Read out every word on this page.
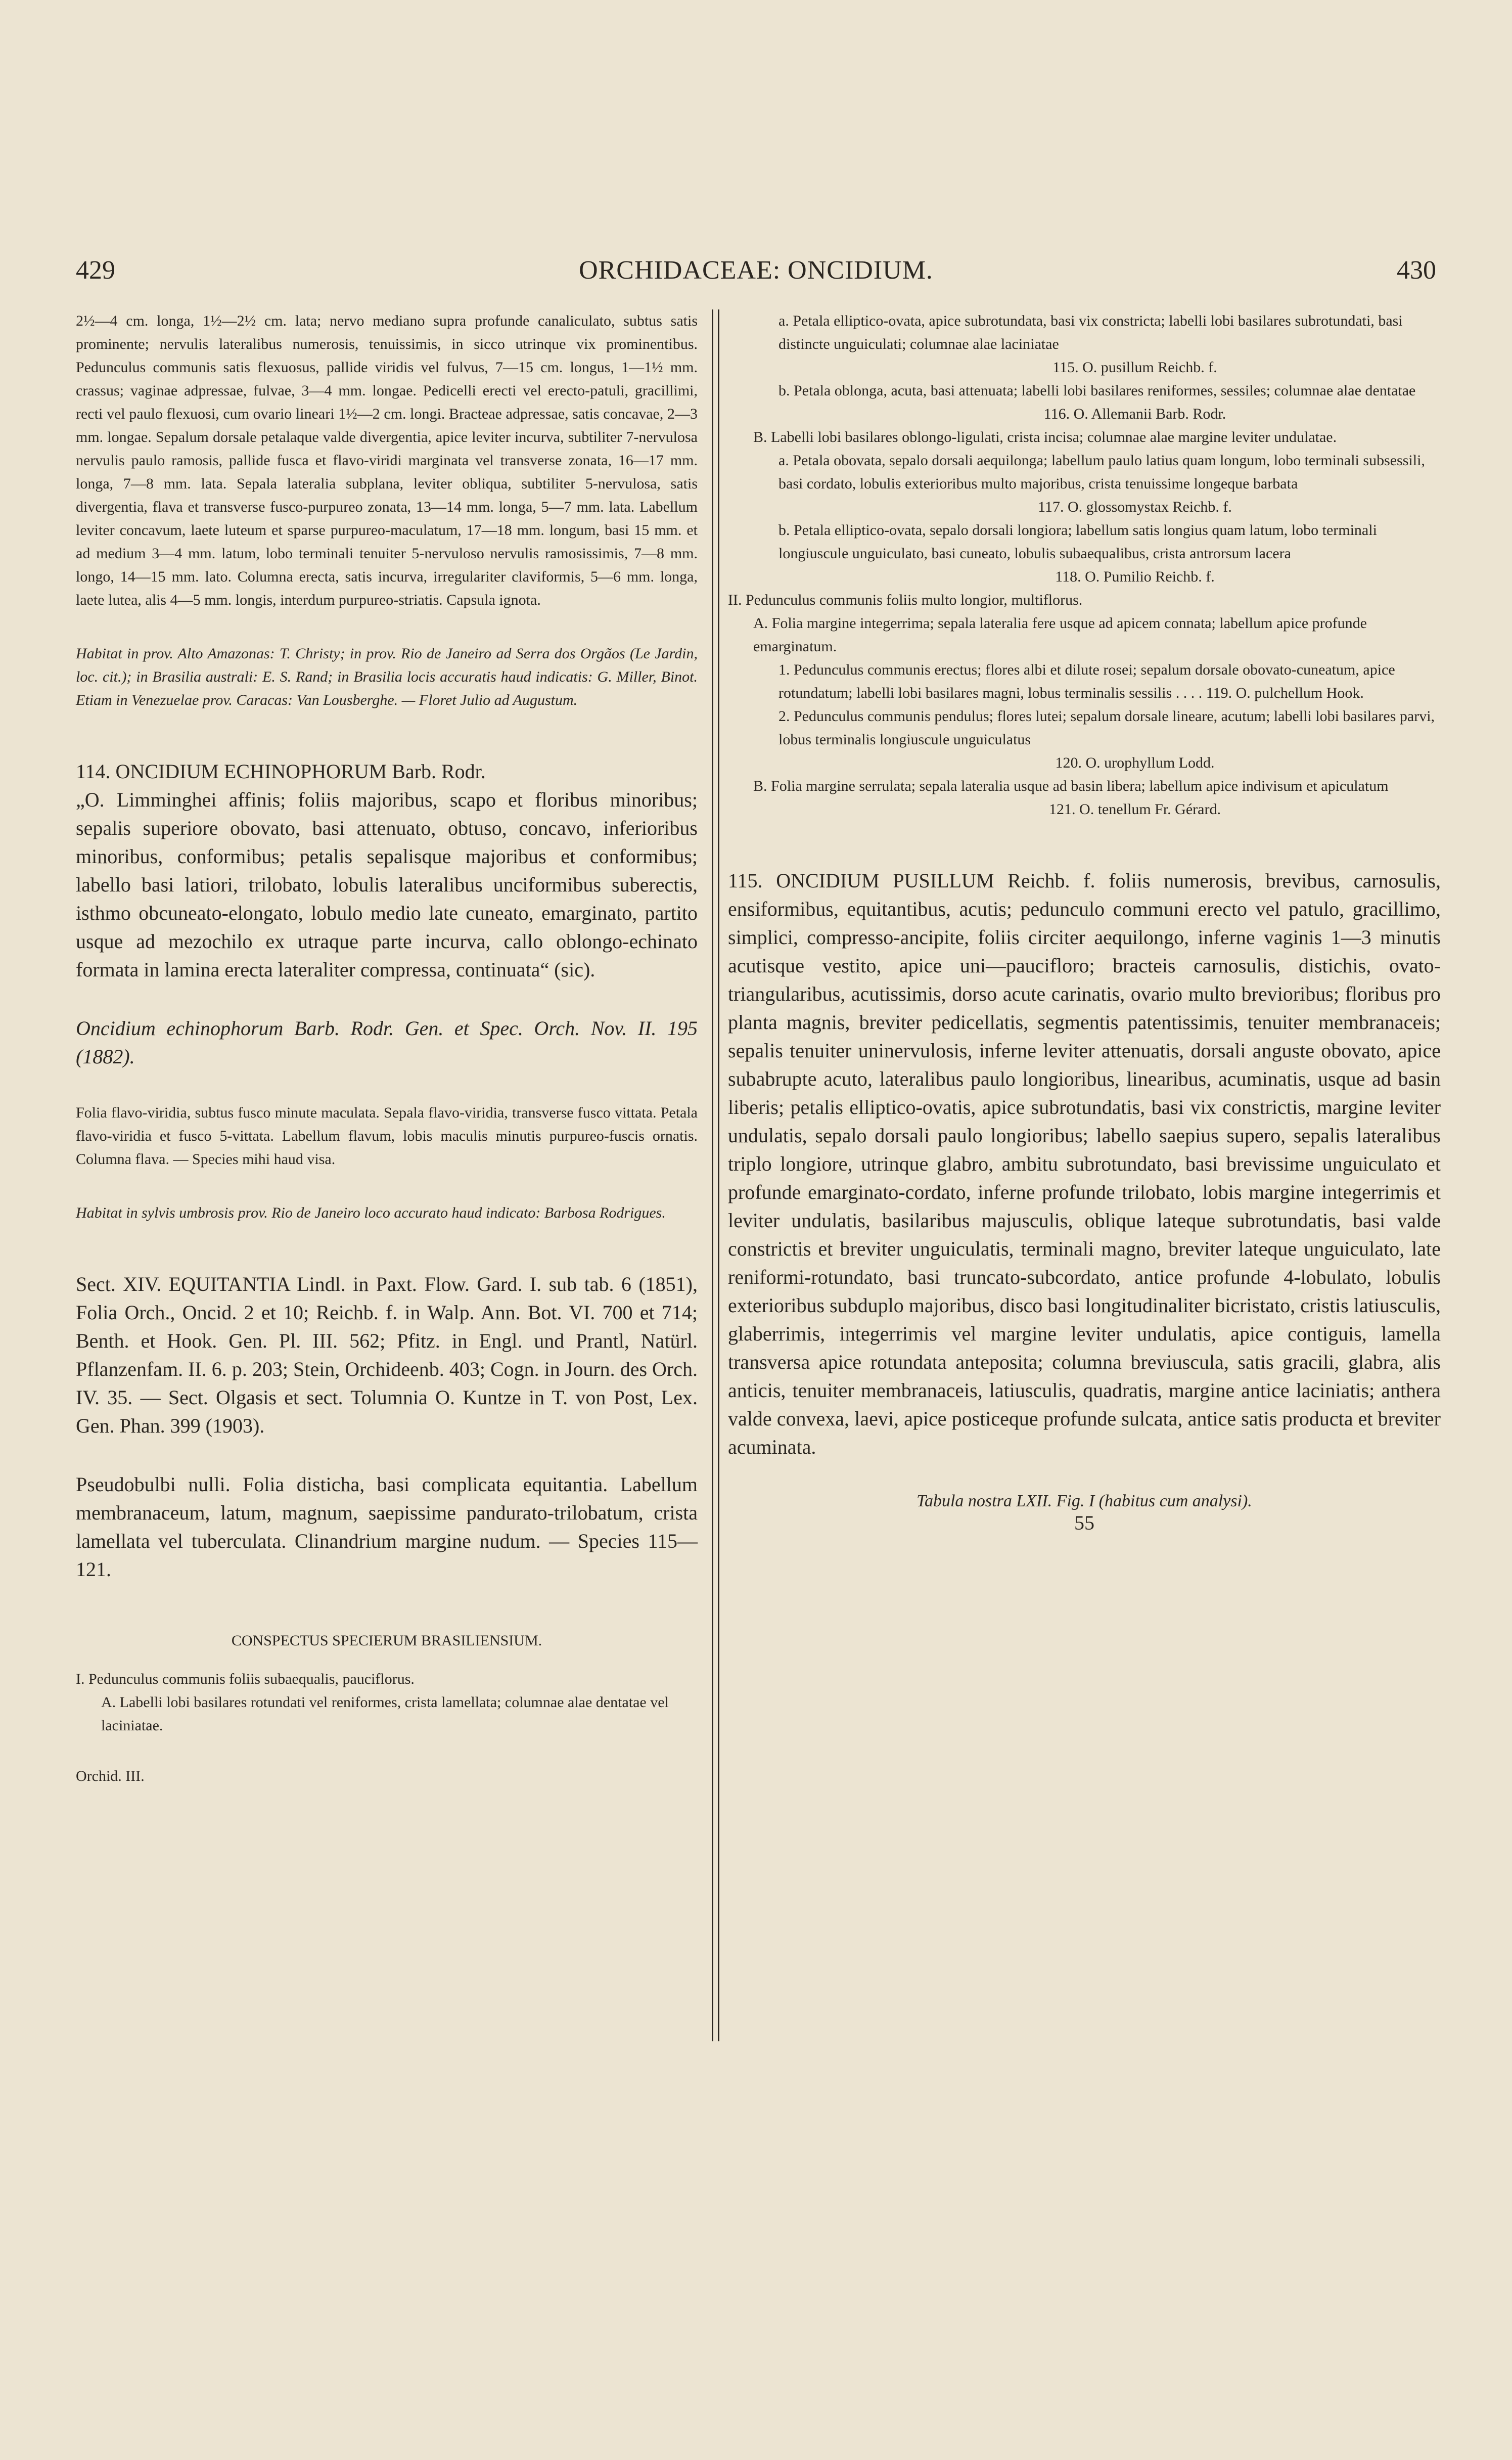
429	ORCHIDACEAE: ONCIDIUM.	430

2½—4 cm. longa, 1½—2½ cm. lata; nervo mediano supra profunde canaliculato, subtus satis prominente; nervulis lateralibus numerosis, tenuissimis, in sicco utrinque vix prominentibus. Pedunculus communis satis flexuosus, pallide viridis vel fulvus, 7—15 cm. longus, 1—1½ mm. crassus; vaginae adpressae, fulvae, 3—4 mm. longae. Pedicelli erecti vel erecto-patuli, gracillimi, recti vel paulo flexuosi, cum ovario lineari 1½—2 cm. longi. Bracteae adpressae, satis concavae, 2—3 mm. longae. Sepalum dorsale petalaque valde divergentia, apice leviter incurva, subtiliter 7-nervulosa nervulis paulo ramosis, pallide fusca et flavo-viridi marginata vel transverse zonata, 16—17 mm. longa, 7—8 mm. lata. Sepala lateralia subplana, leviter obliqua, subtiliter 5-nervulosa, satis divergentia, flava et transverse fusco-purpureo zonata, 13—14 mm. longa, 5—7 mm. lata. Labellum leviter concavum, laete luteum et sparse purpureo-maculatum, 17—18 mm. longum, basi 15 mm. et ad medium 3—4 mm. latum, lobo terminali tenuiter 5-nervuloso nervulis ramosissimis, 7—8 mm. longo, 14—15 mm. lato. Columna erecta, satis incurva, irregulariter claviformis, 5—6 mm. longa, laete lutea, alis 4—5 mm. longis, interdum purpureo-striatis. Capsula ignota.

Habitat in prov. Alto Amazonas: T. Christy; in prov. Rio de Janeiro ad Serra dos Orgãos (Le Jardin, loc. cit.); in Brasilia australi: E. S. Rand; in Brasilia locis accuratis haud indicatis: G. Miller, Binot. Etiam in Venezuelae prov. Caracas: Van Lousberghe. — Floret Julio ad Augustum.

114. ONCIDIUM ECHINOPHORUM Barb. Rodr.

„O. Limminghei affinis; foliis majoribus, scapo et floribus minoribus; sepalis superiore obovato, basi attenuato, obtuso, concavo, inferioribus minoribus, conformibus; petalis sepalisque majoribus et conformibus; labello basi latiori, trilobato, lobulis lateralibus unciformibus suberectis, isthmo obcuneato-elongato, lobulo medio late cuneato, emarginato, partito usque ad mezochilo ex utraque parte incurva, callo oblongo-echinato formata in lamina erecta lateraliter compressa, continuata“ (sic).

Oncidium echinophorum Barb. Rodr. Gen. et Spec. Orch. Nov. II. 195 (1882).

Folia flavo-viridia, subtus fusco minute maculata. Sepala flavo-viridia, transverse fusco vittata. Petala flavo-viridia et fusco 5-vittata. Labellum flavum, lobis maculis minutis purpureo-fuscis ornatis. Columna flava. — Species mihi haud visa.

Habitat in sylvis umbrosis prov. Rio de Janeiro loco accurato haud indicato: Barbosa Rodrigues.

Sect. XIV. EQUITANTIA Lindl. in Paxt. Flow. Gard. I. sub tab. 6 (1851), Folia Orch., Oncid. 2 et 10; Reichb. f. in Walp. Ann. Bot. VI. 700 et 714; Benth. et Hook. Gen. Pl. III. 562; Pfitz. in Engl. und Prantl, Natürl. Pflanzenfam. II. 6. p. 203; Stein, Orchideenb. 403; Cogn. in Journ. des Orch. IV. 35. — Sect. Olgasis et sect. Tolumnia O. Kuntze in T. von Post, Lex. Gen. Phan. 399 (1903).

Pseudobulbi nulli. Folia disticha, basi complicata equitantia. Labellum membranaceum, latum, magnum, saepissime pandurato-trilobatum, crista lamellata vel tuberculata. Clinandrium margine nudum. — Species 115—121.

CONSPECTUS SPECIERUM BRASILIENSIUM.

I. Pedunculus communis foliis subaequalis, pauciflorus.

A. Labelli lobi basilares rotundati vel reniformes, crista lamellata; columnae alae dentatae vel laciniatae.

Orchid. III.

a. Petala elliptico-ovata, apice subrotundata, basi vix constricta; labelli lobi basilares subrotundati, basi distincte unguiculati; columnae alae laciniatae

115. O. pusillum Reichb. f.

b. Petala oblonga, acuta, basi attenuata; labelli lobi basilares reniformes, sessiles; columnae alae dentatae

116. O. Allemanii Barb. Rodr.

B. Labelli lobi basilares oblongo-ligulati, crista incisa; columnae alae margine leviter undulatae.

a. Petala obovata, sepalo dorsali aequilonga; labellum paulo latius quam longum, lobo terminali subsessili, basi cordato, lobulis exterioribus multo majoribus, crista tenuissime longeque barbata

117. O. glossomystax Reichb. f.

b. Petala elliptico-ovata, sepalo dorsali longiora; labellum satis longius quam latum, lobo terminali longiuscule unguiculato, basi cuneato, lobulis subaequalibus, crista antrorsum lacera

118. O. Pumilio Reichb. f.

II. Pedunculus communis foliis multo longior, multiflorus.

A. Folia margine integerrima; sepala lateralia fere usque ad apicem connata; labellum apice profunde emarginatum.

1. Pedunculus communis erectus; flores albi et dilute rosei; sepalum dorsale obovato-cuneatum, apice rotundatum; labelli lobi basilares magni, lobus terminalis sessilis . . . . 119. O. pulchellum Hook.

2. Pedunculus communis pendulus; flores lutei; sepalum dorsale lineare, acutum; labelli lobi basilares parvi, lobus terminalis longiuscule unguiculatus

120. O. urophyllum Lodd.

B. Folia margine serrulata; sepala lateralia usque ad basin libera; labellum apice indivisum et apiculatum

121. O. tenellum Fr. Gérard.

115. ONCIDIUM PUSILLUM Reichb. f. foliis numerosis, brevibus, carnosulis, ensiformibus, equitantibus, acutis; pedunculo communi erecto vel patulo, gracillimo, simplici, compresso-ancipite, foliis circiter aequilongo, inferne vaginis 1—3 minutis acutisque vestito, apice uni—paucifloro; bracteis carnosulis, distichis, ovato-triangularibus, acutissimis, dorso acute carinatis, ovario multo brevioribus; floribus pro planta magnis, breviter pedicellatis, segmentis patentissimis, tenuiter membranaceis; sepalis tenuiter uninervulosis, inferne leviter attenuatis, dorsali anguste obovato, apice subabrupte acuto, lateralibus paulo longioribus, linearibus, acuminatis, usque ad basin liberis; petalis elliptico-ovatis, apice subrotundatis, basi vix constrictis, margine leviter undulatis, sepalo dorsali paulo longioribus; labello saepius supero, sepalis lateralibus triplo longiore, utrinque glabro, ambitu subrotundato, basi brevissime unguiculato et profunde emarginato-cordato, inferne profunde trilobato, lobis margine integerrimis et leviter undulatis, basilaribus majusculis, oblique lateque subrotundatis, basi valde constrictis et breviter unguiculatis, terminali magno, breviter lateque unguiculato, late reniformi-rotundato, basi truncato-subcordato, antice profunde 4-lobulato, lobulis exterioribus subduplo majoribus, disco basi longitudinaliter bicristato, cristis latiusculis, glaberrimis, integerrimis vel margine leviter undulatis, apice contiguis, lamella transversa apice rotundata anteposita; columna breviuscula, satis gracili, glabra, alis anticis, tenuiter membranaceis, latiusculis, quadratis, margine antice laciniatis; anthera valde convexa, laevi, apice posticeque profunde sulcata, antice satis producta et breviter acuminata.

Tabula nostra LXII. Fig. I (habitus cum analysi).

55
